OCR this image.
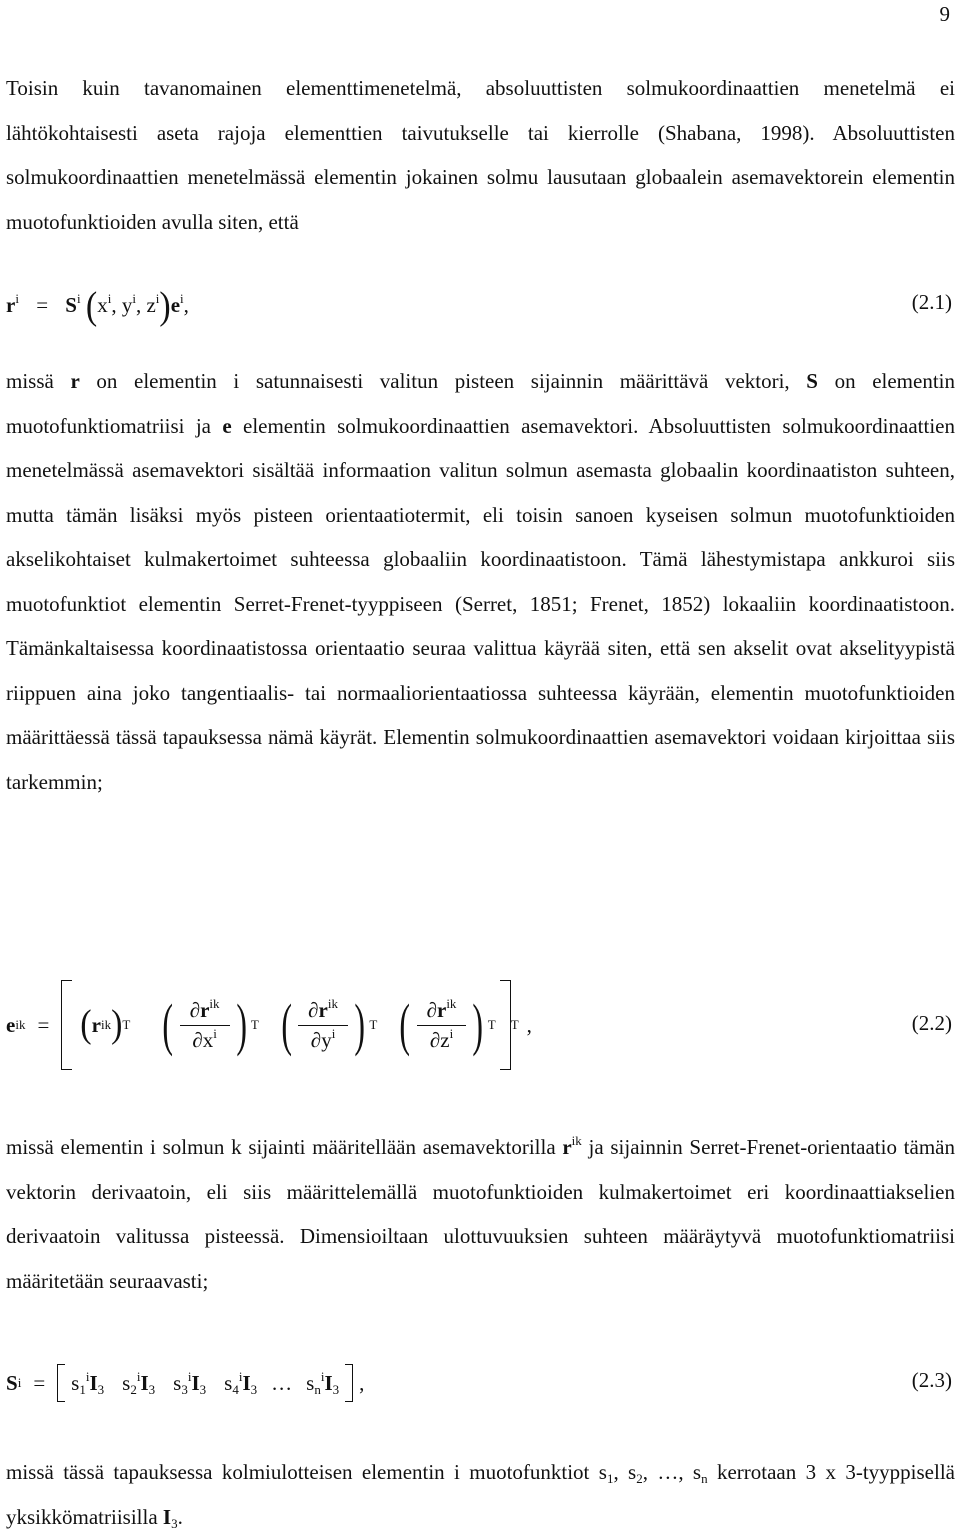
9

Toisin kuin tavanomainen elementtimenetelmä, absoluuttisten solmukoordinaattien menetelmä ei lähtökohtaisesti aseta rajoja elementtien taivutukselle tai kierrolle (Shabana, 1998). Absoluuttisten solmukoordinaattien menetelmässä elementin jokainen solmu lausutaan globaalein asemavektorein elementin muotofunktioiden avulla siten, että

$r^i = S^i$ ($x^i$, $y^i$, $z^i)e^i$,	(2.1)

missä r on elementin i satunnaisesti valitun pisteen sijainnin määrittävä vektori, S on elementin muotofunktiomatriisi ja e elementin solmukoordinaattien asemavektori. Absoluuttisten solmukoordinaattien menetelmässä asemavektori sisältää informaation valitun solmun asemasta globaalin koordinaatiston suhteen, mutta tämän lisäksi myös pisteen orientaatiotermit, eli toisin sanoen kyseisen solmun muotofunktioiden akselikohtaiset kulmakertoimet suhteessa globaaliin koordinaatistoon. Tämä lähestymistapa ankkuroi siis muotofunktiot elementin Serret-Frenet-tyyppiseen (Serret, 1851; Frenet, 1852) lokaaliin koordinaatistoon. Tämänkaltaisessa koordinaatistossa orientaatio seuraa valittua käyrää siten, että sen akselit ovat akselityypistä riippuen aina joko tangentiaalis- tai normaaliorientaatiossa suhteessa käyrään, elementin muotofunktioiden määrittäessä tässä tapauksessa nämä käyrät. Elementin solmukoordinaattien asemavektori voidaan kirjoittaa siis tarkemmin;

e ik = ( r ik ) T ( $\frac{\partial r^{ik}}{\partial x^i}$ ) T ( $\frac{\partial r^{ik}}{\partial y^i}$ ) T ( $\frac{\partial r^{ik}}{\partial z^i}$ ) T T ,	(2.2)

missä elementin i solmun k sijainti määritellään asemavektorilla $r^{ik}$ ja sijainnin Serret-Frenet-orientaatio tämän vektorin derivaatoin, eli siis määrittelemällä muotofunktioiden kulmakertoimet eri koordinaattiakselien derivaatoin valitussa pisteessä. Dimensioiltaan ulottuvuuksien suhteen määräytyvä muotofunktiomatriisi määritetään seuraavasti;

S $i = s_1^iI_3$ $s_2^iI_3$ $s_3^iI_3$ $s_4^iI_3$ … $s_n^iI_3$ ,	(2.3)

missä tässä tapauksessa kolmiulotteisen elementin i muotofunktiot $s_1$, $s_2$, …, $s_n$ kerrotaan 3 x 3-tyyppisellä yksikkömatriisilla $I_3$.
